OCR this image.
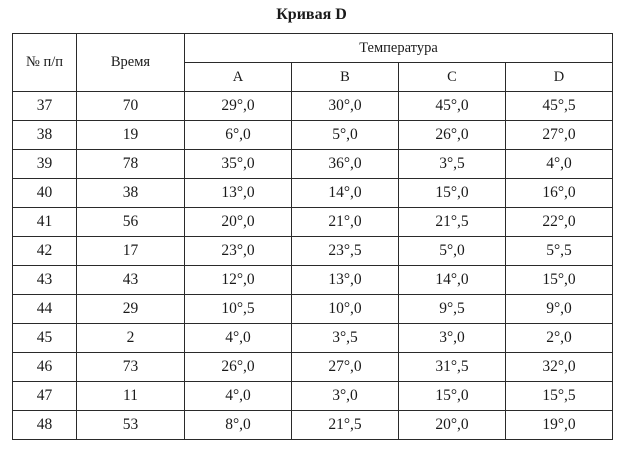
Кривая D
№ п/п	Время	Температура			
		A	B	C	D
37	70	29°,0	30°,0	45°,0	45°,5
38	19	6°,0	5°,0	26°,0	27°,0
39	78	35°,0	36°,0	3°,5	4°,0
40	38	13°,0	14°,0	15°,0	16°,0
41	56	20°,0	21°,0	21°,5	22°,0
42	17	23°,0	23°,5	5°,0	5°,5
43	43	12°,0	13°,0	14°,0	15°,0
44	29	10°,5	10°,0	9°,5	9°,0
45	2	4°,0	3°,5	3°,0	2°,0
46	73	26°,0	27°,0	31°,5	32°,0
47	11	4°,0	3°,0	15°,0	15°,5
48	53	8°,0	21°,5	20°,0	19°,0
